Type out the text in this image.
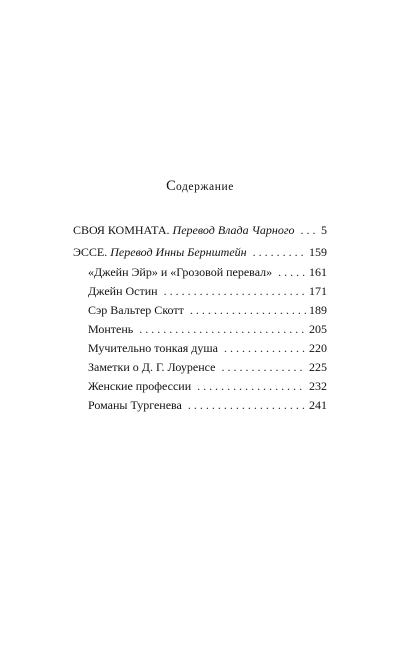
Содержание
СВОЯ КОМНАТА. Перевод Влада Чарного . . . 5
ЭССЕ. Перевод Инны Бернштейн . . .	159
«Джейн Эйр» и «Грозовой перевал» . . .	161
Джейн Остин . . .	171
Сэр Вальтер Скотт . . .	189
Монтень . . .	205
Мучительно тонкая душа . . .	220
Заметки о Д. Г. Лоуренсе . . .	225
Женские профессии . . .	232
Романы Тургенева . . .	241
